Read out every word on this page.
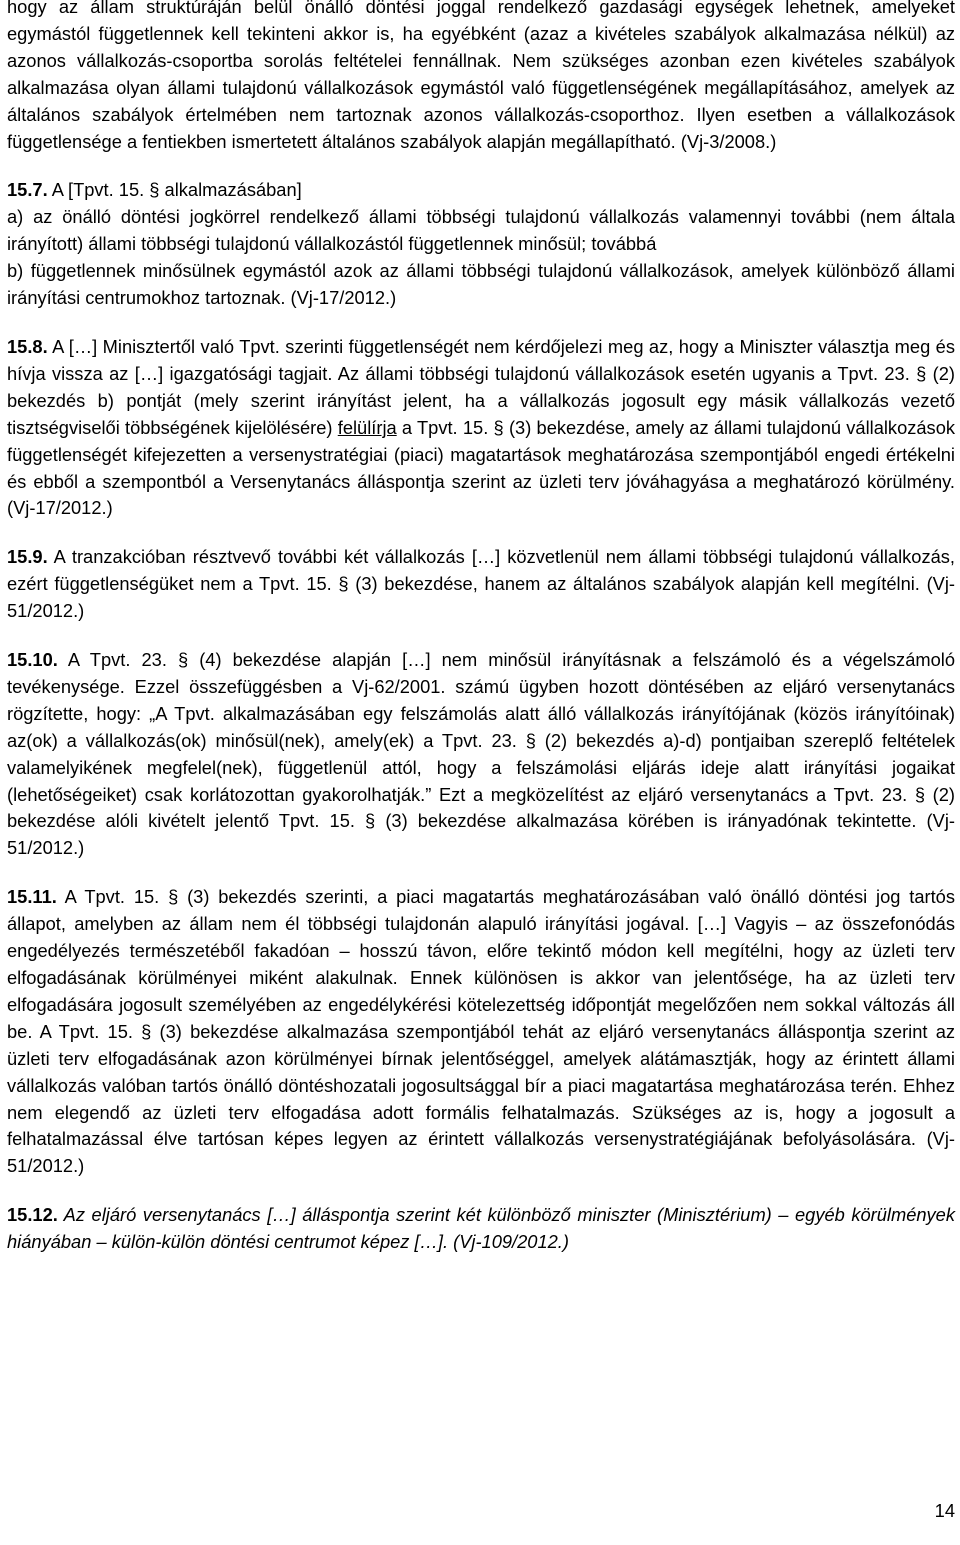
hogy az állam struktúráján belül önálló döntési joggal rendelkező gazdasági egységek lehetnek, amelyeket egymástól függetlennek kell tekinteni akkor is, ha egyébként (azaz a kivételes szabályok alkalmazása nélkül) az azonos vállalkozás-csoportba sorolás feltételei fennállnak. Nem szükséges azonban ezen kivételes szabályok alkalmazása olyan állami tulajdonú vállalkozások egymástól való függetlenségének megállapításához, amelyek az általános szabályok értelmében nem tartoznak azonos vállalkozás-csoporthoz. Ilyen esetben a vállalkozások függetlensége a fentiekben ismertetett általános szabályok alapján megállapítható. (Vj-3/2008.)

15.7. A [Tpvt. 15. § alkalmazásában]
a) az önálló döntési jogkörrel rendelkező állami többségi tulajdonú vállalkozás valamennyi további (nem általa irányított) állami többségi tulajdonú vállalkozástól függetlennek minősül; továbbá
b) függetlennek minősülnek egymástól azok az állami többségi tulajdonú vállalkozások, amelyek különböző állami irányítási centrumokhoz tartoznak. (Vj-17/2012.)

15.8. A […] Minisztertől való Tpvt. szerinti függetlenségét nem kérdőjelezi meg az, hogy a Miniszter választja meg és hívja vissza az […] igazgatósági tagjait. Az állami többségi tulajdonú vállalkozások esetén ugyanis a Tpvt. 23. § (2) bekezdés b) pontját (mely szerint irányítást jelent, ha a vállalkozás jogosult egy másik vállalkozás vezető tisztségviselői többségének kijelölésére) felülírja a Tpvt. 15. § (3) bekezdése, amely az állami tulajdonú vállalkozások függetlenségét kifejezetten a versenystratégiai (piaci) magatartások meghatározása szempontjából engedi értékelni és ebből a szempontból a Versenytanács álláspontja szerint az üzleti terv jóváhagyása a meghatározó körülmény. (Vj-17/2012.)

15.9. A tranzakcióban résztvevő további két vállalkozás […] közvetlenül nem állami többségi tulajdonú vállalkozás, ezért függetlenségüket nem a Tpvt. 15. § (3) bekezdése, hanem az általános szabályok alapján kell megítélni. (Vj-51/2012.)

15.10. A Tpvt. 23. § (4) bekezdése alapján […] nem minősül irányításnak a felszámoló és a végelszámoló tevékenysége. Ezzel összefüggésben a Vj-62/2001. számú ügyben hozott döntésében az eljáró versenytanács rögzítette, hogy: „A Tpvt. alkalmazásában egy felszámolás alatt álló vállalkozás irányítójának (közös irányítóinak) az(ok) a vállalkozás(ok) minősül(nek), amely(ek) a Tpvt. 23. § (2) bekezdés a)-d) pontjaiban szereplő feltételek valamelyikének megfelel(nek), függetlenül attól, hogy a felszámolási eljárás ideje alatt irányítási jogaikat (lehetőségeiket) csak korlátozottan gyakorolhatják.” Ezt a megközelítést az eljáró versenytanács a Tpvt. 23. § (2) bekezdése alóli kivételt jelentő Tpvt. 15. § (3) bekezdése alkalmazása körében is irányadónak tekintette. (Vj-51/2012.)

15.11. A Tpvt. 15. § (3) bekezdés szerinti, a piaci magatartás meghatározásában való önálló döntési jog tartós állapot, amelyben az állam nem él többségi tulajdonán alapuló irányítási jogával. […] Vagyis – az összefonódás engedélyezés természetéből fakadóan – hosszú távon, előre tekintő módon kell megítélni, hogy az üzleti terv elfogadásának körülményei miként alakulnak. Ennek különösen is akkor van jelentősége, ha az üzleti terv elfogadására jogosult személyében az engedélykérési kötelezettség időpontját megelőzően nem sokkal változás áll be. A Tpvt. 15. § (3) bekezdése alkalmazása szempontjából tehát az eljáró versenytanács álláspontja szerint az üzleti terv elfogadásának azon körülményei bírnak jelentőséggel, amelyek alátámasztják, hogy az érintett állami vállalkozás valóban tartós önálló döntéshozatali jogosultsággal bír a piaci magatartása meghatározása terén. Ehhez nem elegendő az üzleti terv elfogadása adott formális felhatalmazás. Szükséges az is, hogy a jogosult a felhatalmazással élve tartósan képes legyen az érintett vállalkozás versenystratégiájának befolyásolására. (Vj-51/2012.)

15.12. Az eljáró versenytanács […] álláspontja szerint két különböző miniszter (Minisztérium) – egyéb körülmények hiányában – külön-külön döntési centrumot képez […]. (Vj-109/2012.)

14
